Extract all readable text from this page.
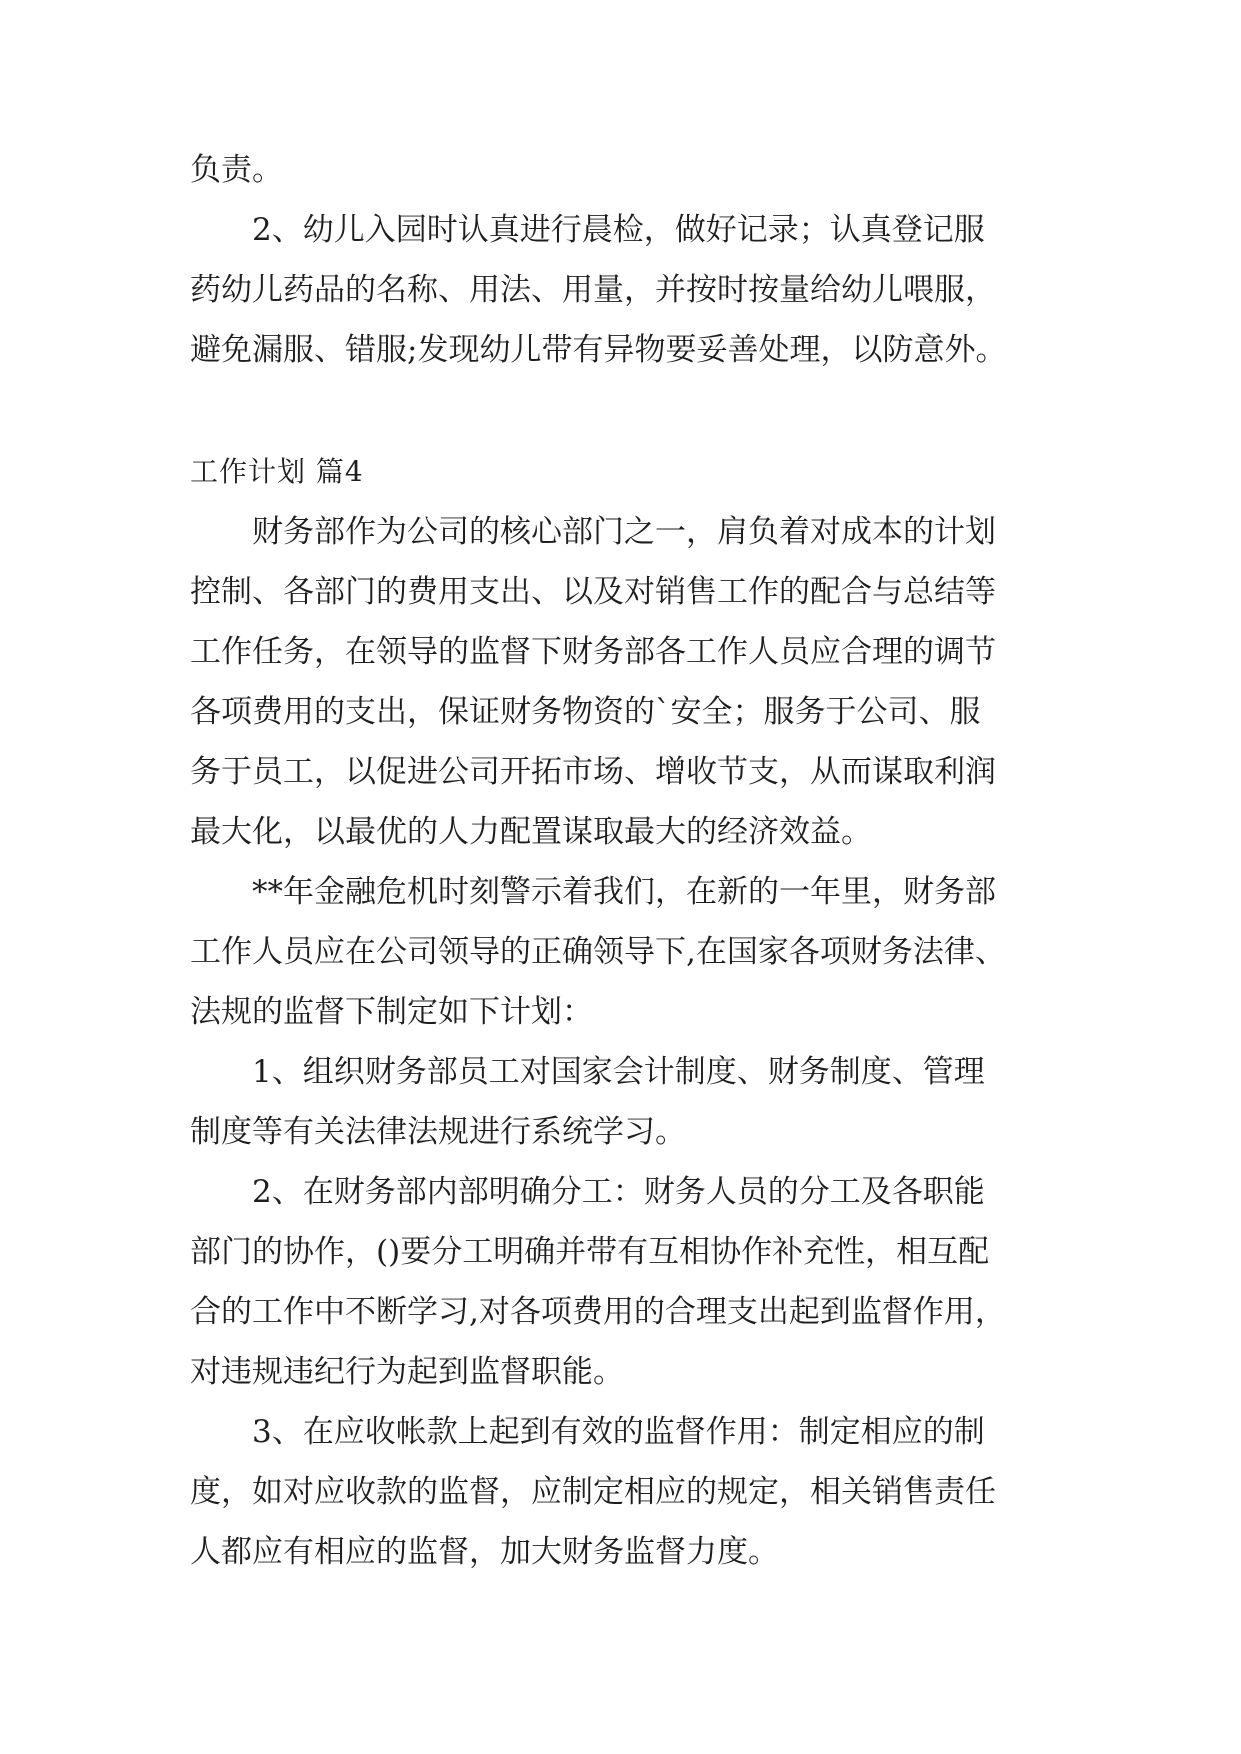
负责。

2、幼儿入园时认真进行晨检，做好记录；认真登记服

药幼儿药品的名称、用法、用量，并按时按量给幼儿喂服，

避免漏服、错服;发现幼儿带有异物要妥善处理，以防意外。

工作计划 篇4

财务部作为公司的核心部门之一，肩负着对成本的计划

控制、各部门的费用支出、以及对销售工作的配合与总结等

工作任务，在领导的监督下财务部各工作人员应合理的调节

各项费用的支出，保证财务物资的`安全；服务于公司、服

务于员工，以促进公司开拓市场、增收节支，从而谋取利润

最大化，以最优的人力配置谋取最大的经济效益。

**年金融危机时刻警示着我们，在新的一年里，财务部

工作人员应在公司领导的正确领导下,在国家各项财务法律、

法规的监督下制定如下计划：

1、组织财务部员工对国家会计制度、财务制度、管理

制度等有关法律法规进行系统学习。

2、在财务部内部明确分工：财务人员的分工及各职能

部门的协作，()要分工明确并带有互相协作补充性，相互配

合的工作中不断学习,对各项费用的合理支出起到监督作用，

对违规违纪行为起到监督职能。

3、在应收帐款上起到有效的监督作用：制定相应的制

度，如对应收款的监督，应制定相应的规定，相关销售责任

人都应有相应的监督，加大财务监督力度。
